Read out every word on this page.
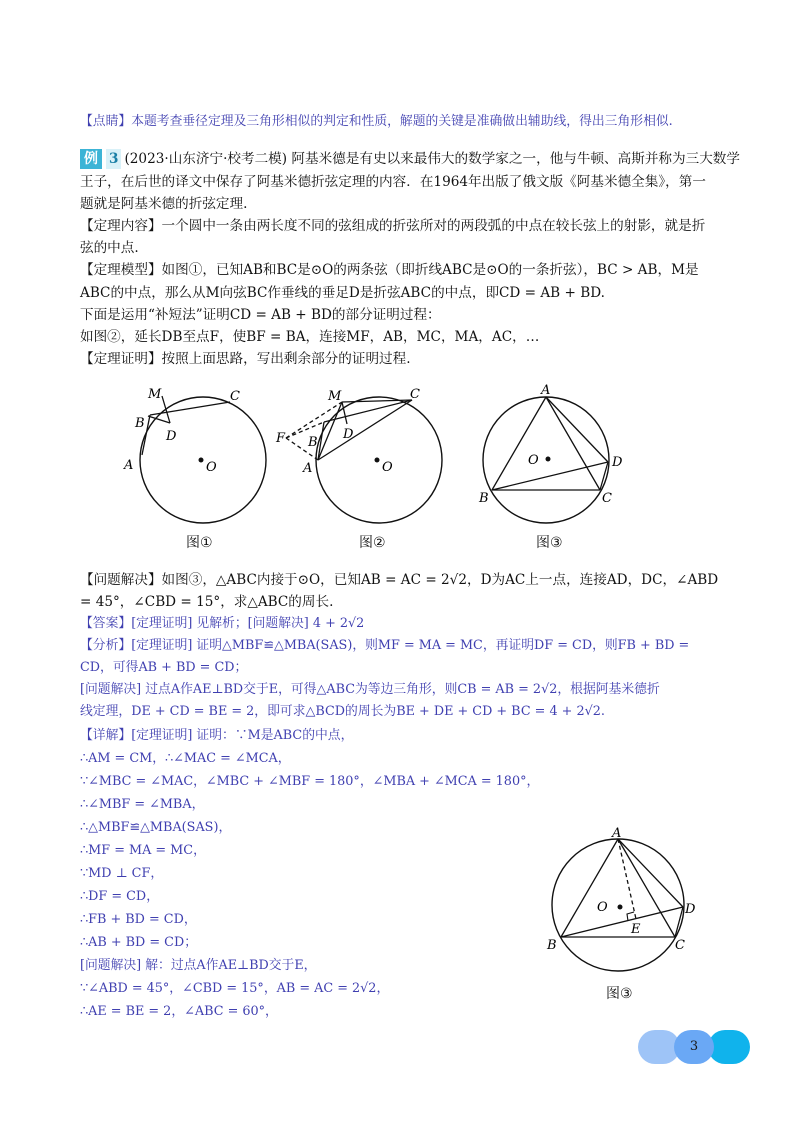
【点睛】本题考查垂径定理及三角形相似的判定和性质，解题的关键是准确做出辅助线，得出三角形相似.
例 3 (2023·山东济宁·校考二模) 阿基米德是有史以来最伟大的数学家之一，他与牛顿、高斯并称为三大数学
王子，在后世的译文中保存了阿基米德折弦定理的内容．在1964年出版了俄文版《阿基米德全集》，第一
题就是阿基米德的折弦定理.
【定理内容】一个圆中一条由两长度不同的弦组成的折弦所对的两段弧的中点在较长弦上的射影，就是折
弦的中点.
【定理模型】如图①，已知AB和BC是⊙O的两条弦（即折线ABC是⊙O的一条折弦），BC > AB，M是
ABC的中点，那么从M向弦BC作垂线的垂足D是折弦ABC的中点，即CD = AB + BD.
下面是运用“补短法”证明CD = AB + BD的部分证明过程：
如图②，延长DB至点F，使BF = BA，连接MF，AB，MC，MA，AC，…
【定理证明】按照上面思路，写出剩余部分的证明过程.
M	C
B
D
A	O
图①
M	C
F B
D
A	O
图②
A
O	D
B	C
图③
【问题解决】如图③，△ABC内接于⊙O，已知AB = AC = 2√2，D为AC上一点，连接AD，DC，∠ABD
= 45°，∠CBD = 15°，求△ABC的周长.
【答案】[定理证明] 见解析；[问题解决] 4 + 2√2
【分析】[定理证明] 证明△MBF≌△MBA(SAS)，则MF = MA = MC，再证明DF = CD，则FB + BD =
CD，可得AB + BD = CD；
[问题解决] 过点A作AE⊥BD交于E，可得△ABC为等边三角形，则CB = AB = 2√2，根据阿基米德折
线定理，DE + CD = BE = 2，即可求△BCD的周长为BE + DE + CD + BC = 4 + 2√2.
【详解】[定理证明] 证明：∵M是ABC的中点，
∴AM = CM，∴∠MAC = ∠MCA，
∵∠MBC = ∠MAC，∠MBC + ∠MBF = 180°，∠MBA + ∠MCA = 180°，
∴∠MBF = ∠MBA，
∴△MBF≌△MBA(SAS)，
∴MF = MA = MC，
∵MD ⊥ CF，
∴DF = CD，
∴FB + BD = CD，
∴AB + BD = CD；
[问题解决] 解：过点A作AE⊥BD交于E，
∵∠ABD = 45°，∠CBD = 15°，AB = AC = 2√2，
∴AE = BE = 2，∠ABC = 60°，
A
O	D
E
B	C
图③
3
